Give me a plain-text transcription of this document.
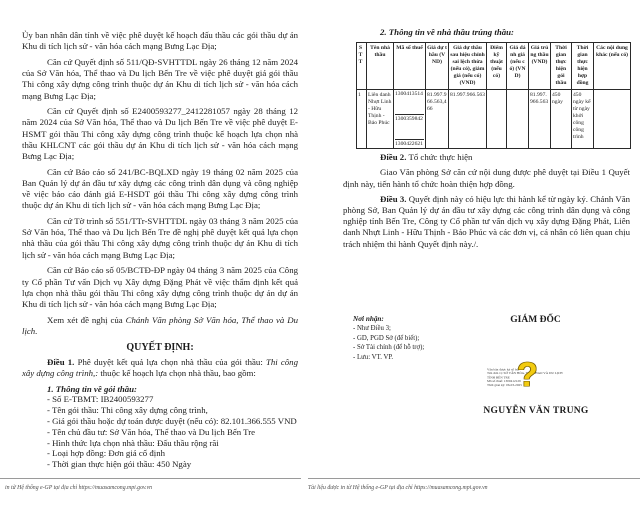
Ủy ban nhân dân tỉnh về việc phê duyệt kế hoạch đấu thầu các gói thầu dự án Khu di tích lịch sử - văn hóa cách mạng Bưng Lạc Địa;

Căn cứ Quyết định số 511/QĐ-SVHTTDL ngày 26 tháng 12 năm 2024 của Sở Văn hóa, Thể thao và Du lịch Bến Tre về việc phê duyệt giá gói thầu Thi công xây dựng công trình thuộc dự án Khu di tích lịch sử - văn hóa cách mạng Bưng Lạc Địa;

Căn cứ Quyết định số E2400593277_2412281057 ngày 28 tháng 12 năm 2024 của Sở Văn hóa, Thể thao và Du lịch Bến Tre về việc phê duyệt E-HSMT gói thầu Thi công xây dựng công trình thuộc kế hoạch lựa chọn nhà thầu KHLCNT các gói thầu dự án Khu di tích lịch sử - văn hóa cách mạng Bưng Lạc Địa;

Căn cứ Báo cáo số 241/BC-BQLXD ngày 19 tháng 02 năm 2025 của Ban Quản lý dự án đầu tư xây dựng các công trình dân dụng và công nghiệp về việc báo cáo đánh giá E-HSDT gói thầu Thi công xây dựng công trình thuộc dự án Khu di tích lịch sử - văn hóa cách mạng Bưng Lạc Địa;

Căn cứ Tờ trình số 551/TTr-SVHTTDL ngày 03 tháng 3 năm 2025 của Sở Văn hóa, Thể thao và Du lịch Bến Tre đề nghị phê duyệt kết quả lựa chọn nhà thầu của gói thầu Thi công xây dựng công trình thuộc dự án Khu di tích lịch sử - văn hóa cách mạng Bưng Lạc Địa;

Căn cứ Báo cáo số 05/BCTĐ-ĐP ngày 04 tháng 3 năm 2025 của Công ty Cổ phần Tư vấn Dịch vụ Xây dựng Đặng Phát về việc thẩm định kết quả lựa chọn nhà thầu gói thầu Thi công xây dựng công trình thuộc dự án dự án Khu di tích lịch sử - văn hóa cách mạng Bưng Lạc Địa;

Xem xét đề nghị của Chánh Văn phòng Sở Văn hóa, Thể thao và Du lịch.

QUYẾT ĐỊNH:

Điều 1. Phê duyệt kết quả lựa chọn nhà thầu của gói thầu: Thi công xây dựng công trình,: thuộc kế hoạch lựa chọn nhà thầu, bao gồm:

1. Thông tin về gói thầu:
- Số E-TBMT: IB2400593277
- Tên gói thầu: Thi công xây dựng công trình,
- Giá gói thầu hoặc dự toán được duyệt (nếu có): 82.101.366.555 VND
- Tên chủ đầu tư: Sở Văn hóa, Thể thao và Du lịch Bến Tre
- Hình thức lựa chọn nhà thầu: Đấu thầu rộng rãi
- Loại hợp đồng: Đơn giá cố định
- Thời gian thực hiện gói thầu: 450 Ngày

2. Thông tin về nhà thầu trúng thầu:

STT	Tên nhà thầu	Mã số thuế	Giá dự thầu (VND)	Giá dự thầu sau hiệu chỉnh sai lệch thừa (nếu có), giảm giá (nếu có) (VND)	Điểm kỹ thuật (nếu có)	Giá đánh giá (nếu có) (VND)	Giá trúng thầu (VND)	Thời gian thực hiện gói thầu	Thời gian thực hiện hợp đồng	Các nội dung khác (nếu có)
1	Liên danh Nhựt Linh - Hữu Thịnh - Bảo Phúc	1300413514
1300359842
1300422621	81.997.966.563,466	81.997.966.563			81.997.966.563	450 ngày	450 ngày kể từ ngày khởi công công trình	

Điều 2. Tổ chức thực hiện

Giao Văn phòng Sở căn cứ nội dung được phê duyệt tại Điều 1 Quyết định này, tiến hành tổ chức hoàn thiện hợp đồng.

Điều 3. Quyết định này có hiệu lực thi hành kể từ ngày ký. Chánh Văn phòng Sở, Ban Quản lý dự án đầu tư xây dựng các công trình dân dụng và công nghiệp tỉnh Bến Tre, Công ty Cổ phần tư vấn dịch vụ xây dựng Đặng Phát, Liên danh Nhựt Linh - Hữu Thịnh - Bảo Phúc và các đơn vị, cá nhân có liên quan chịu trách nhiệm thi hành Quyết định này./.

Nơi nhận:
- Như Điều 3;
- GD, PGD Sở (để biết);
- Sở Tài chính (để hỗ trợ);
- Lưu: VT. VP.
GIÁM ĐỐC
Văn bản được ký số bởi
Tên đơn vị: SỞ VĂN HÓA, THỂ THAO VÀ DU LỊCH
TỈNH BẾN TRE
Mã số thuế: 1300412129
Thời gian ký: 06-03-2025
?
NGUYỄN VĂN TRUNG
in từ Hệ thống e-GP tại địa chỉ https://muasamcong.mpi.gov.vn	Tài liệu được in từ Hệ thống e-GP tại địa chỉ https://muasamcong.mpi.gov.vn
